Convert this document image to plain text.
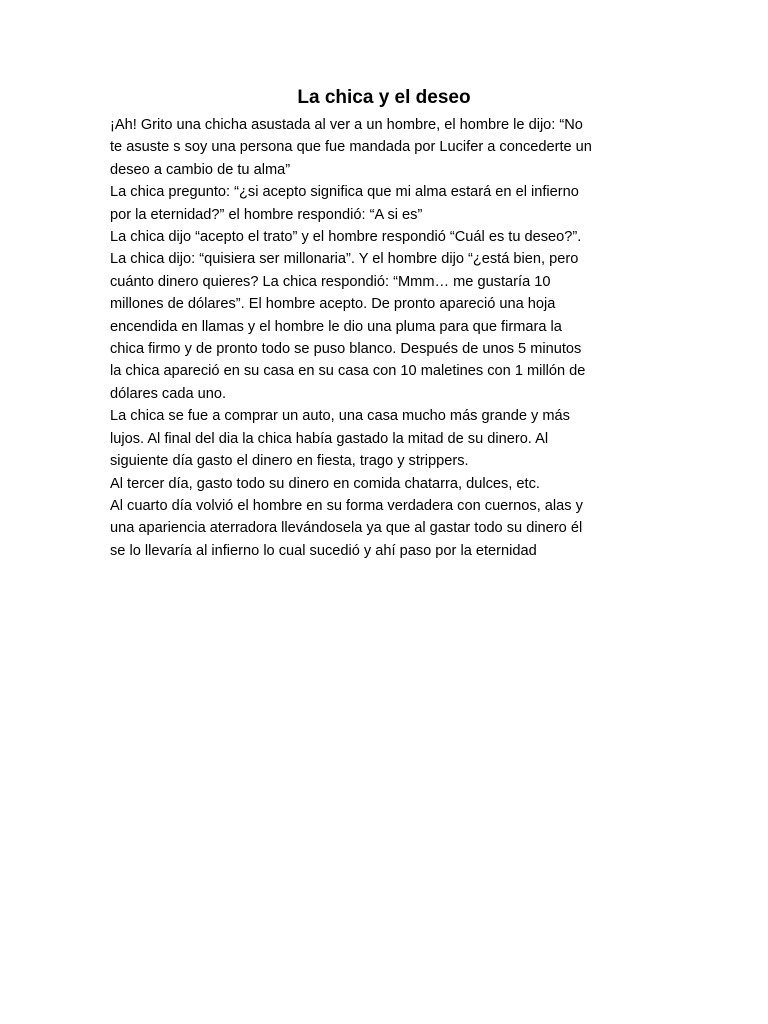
La chica y el deseo
¡Ah! Grito una chicha asustada al ver a un hombre, el hombre le dijo: “No
te asuste s soy una persona que fue mandada por Lucifer a concederte un
deseo a cambio de tu alma”
La chica pregunto: “¿si acepto significa que mi alma estará en el infierno
por la eternidad?” el hombre respondió: “A si es”
La chica dijo “acepto el trato” y el hombre respondió “Cuál es tu deseo?”.
La chica dijo: “quisiera ser millonaria”. Y el hombre dijo “¿está bien, pero
cuánto dinero quieres? La chica respondió: “Mmm… me gustaría 10
millones de dólares”. El hombre acepto. De pronto apareció una hoja
encendida en llamas y el hombre le dio una pluma para que firmara la
chica firmo y de pronto todo se puso blanco. Después de unos 5 minutos
la chica apareció en su casa en su casa con 10 maletines con 1 millón de
dólares cada uno.
La chica se fue a comprar un auto, una casa mucho más grande y más
lujos. Al final del dia la chica había gastado la mitad de su dinero. Al
siguiente día gasto el dinero en fiesta, trago y strippers.
Al tercer día, gasto todo su dinero en comida chatarra, dulces, etc.
Al cuarto día volvió el hombre en su forma verdadera con cuernos, alas y
una apariencia aterradora llevándosela ya que al gastar todo su dinero él
se lo llevaría al infierno lo cual sucedió y ahí paso por la eternidad
